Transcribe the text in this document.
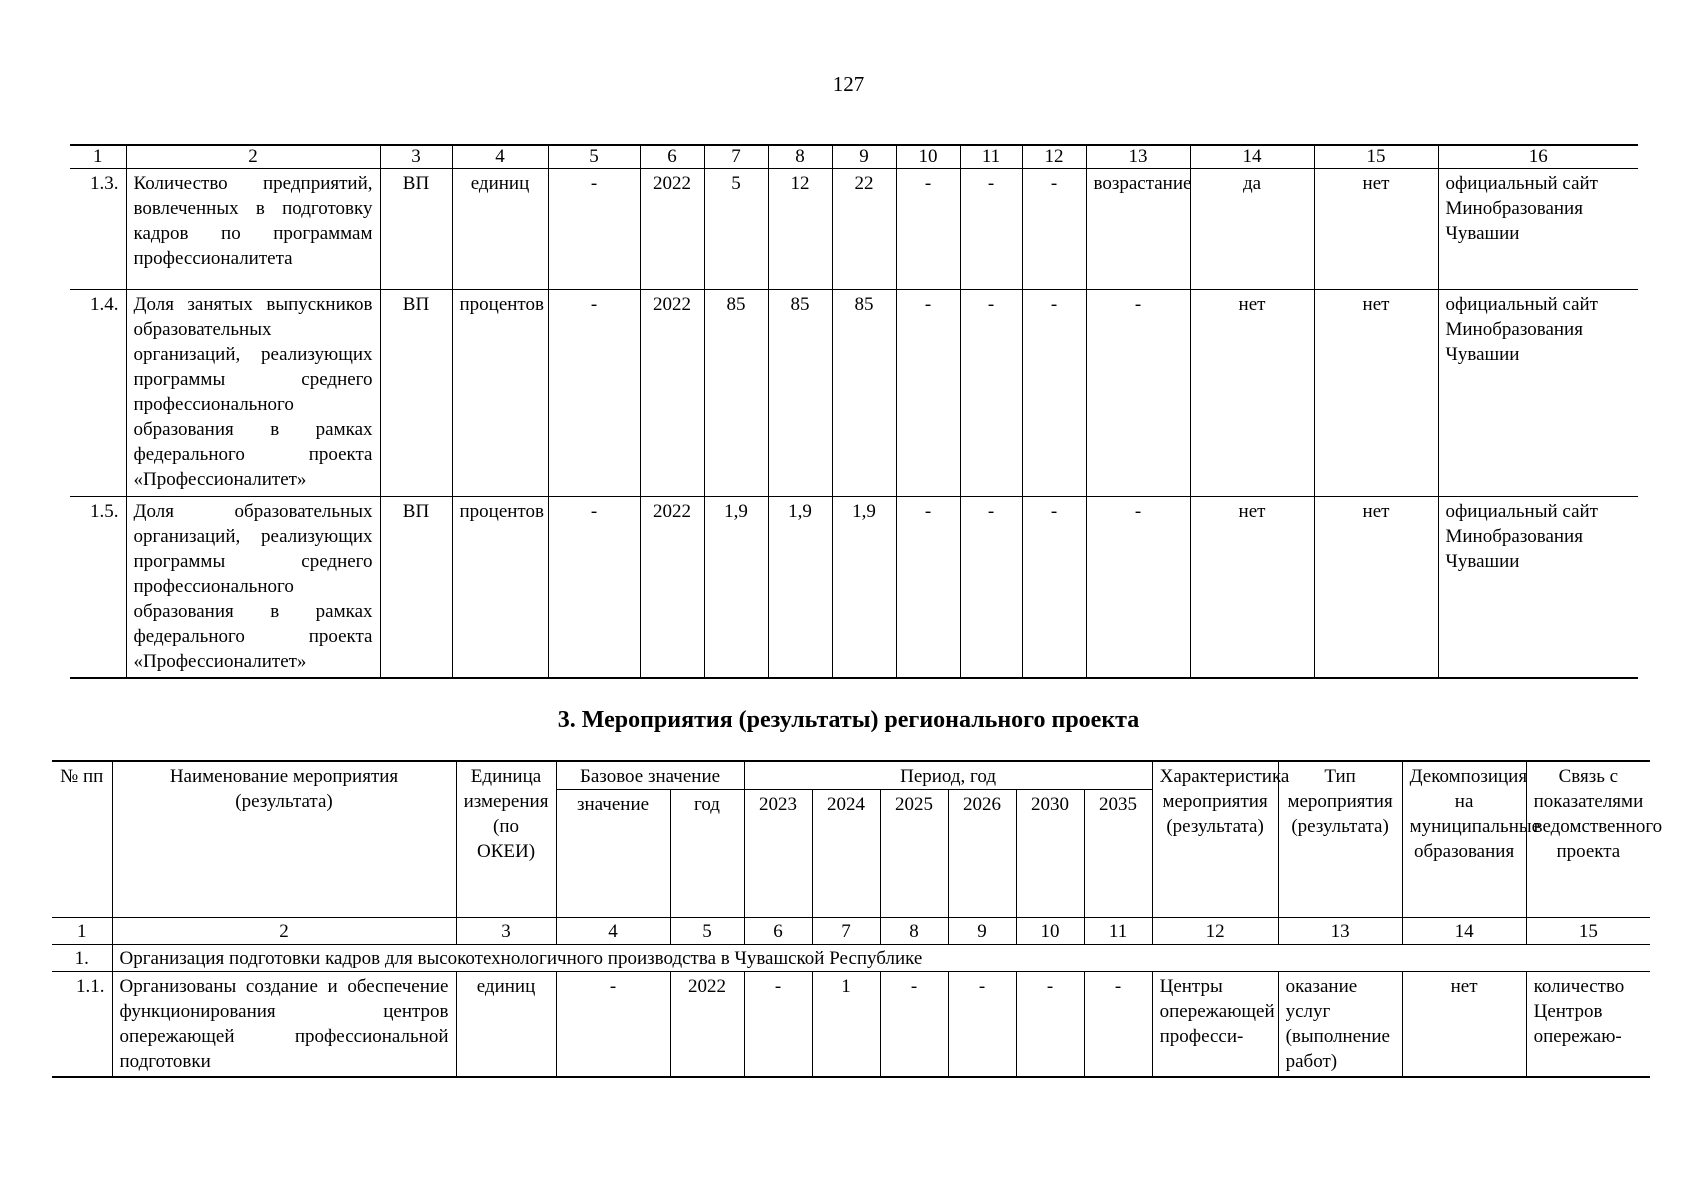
127
1	2	3	4	5	6	7	8	9	10	11	12	13	14	15	16
1.3.	Количество предприятий, вовлеченных в подготовку кадров по программам профессионалитета	ВП	единиц	-	2022	5	12	22	-	-	-	возрастание	да	нет	официальный сайт Минобразования Чувашии
1.4.	Доля занятых выпускников образовательных организаций, реализующих программы среднего профессионального образования в рамках федерального проекта «Профессионалитет»	ВП	процентов	-	2022	85	85	85	-	-	-	-	нет	нет	официальный сайт Минобразования Чувашии
1.5.	Доля образовательных организаций, реализующих программы среднего профессионального образования в рамках федерального проекта «Профессионалитет»	ВП	процентов	-	2022	1,9	1,9	1,9	-	-	-	-	нет	нет	официальный сайт Минобразования Чувашии
3. Мероприятия (результаты) регионального проекта
№ пп	Наименование мероприятия (результата)	Единица измерения (по ОКЕИ)	Базовое значение		Период, год						Характеристика мероприятия (результата)	Тип мероприятия (результата)	Декомпозиция на муниципальные образования	Связь с показателями ведомственного проекта
			значение	год	2023	2024	2025	2026	2030	2035				
1	2	3	4	5	6	7	8	9	10	11	12	13	14	15
1.	Организация подготовки кадров для высокотехнологичного производства в Чувашской Республике													
1.1.	Организованы создание и обеспечение функционирования центров опережающей профессиональной подготовки	единиц	-	2022	-	1	-	-	-	-	Центры опережающей професси-	оказание услуг (выполнение работ)	нет	количество Центров опережаю-
